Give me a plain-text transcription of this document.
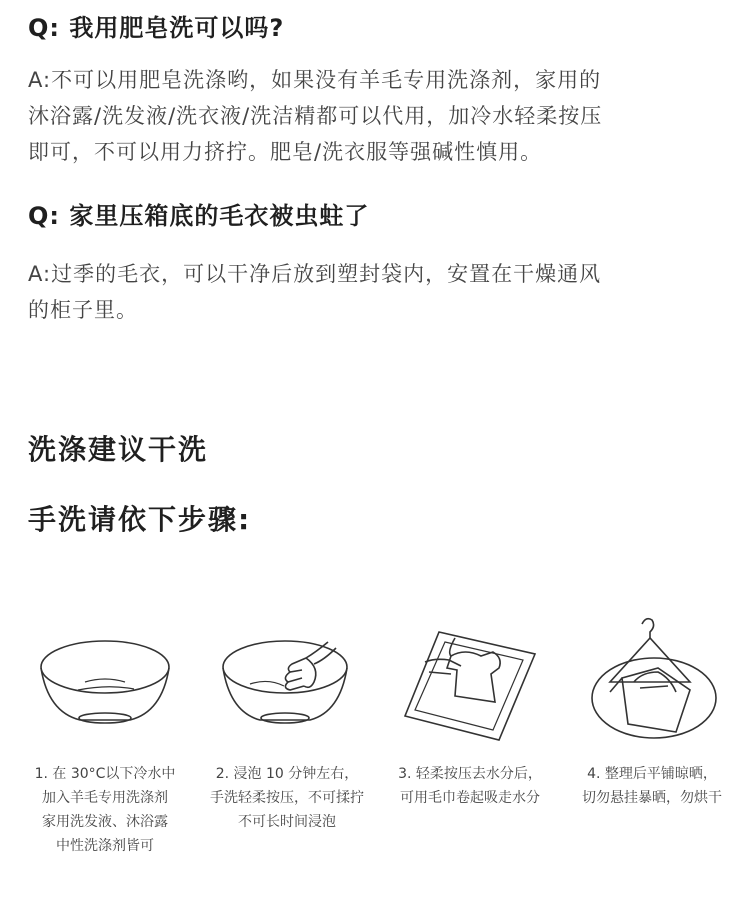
Q: 我用肥皂洗可以吗?
A:不可以用肥皂洗涤哟，如果没有羊毛专用洗涤剂，家用的
沐浴露/洗发液/洗衣液/洗洁精都可以代用，加冷水轻柔按压
即可，不可以用力挤拧。肥皂/洗衣服等强碱性慎用。
Q: 家里压箱底的毛衣被虫蛀了
A:过季的毛衣，可以干净后放到塑封袋内，安置在干燥通风
的柜子里。
洗涤建议干洗
手洗请依下步骤:
1. 在 30°C以下冷水中
加入羊毛专用洗涤剂
家用洗发液、沐浴露
中性洗涤剂皆可
2. 浸泡 10 分钟左右，
手洗轻柔按压，不可揉拧
不可长时间浸泡
3. 轻柔按压去水分后，
可用毛巾卷起吸走水分
4. 整理后平铺晾晒，
切勿悬挂暴晒，勿烘干
